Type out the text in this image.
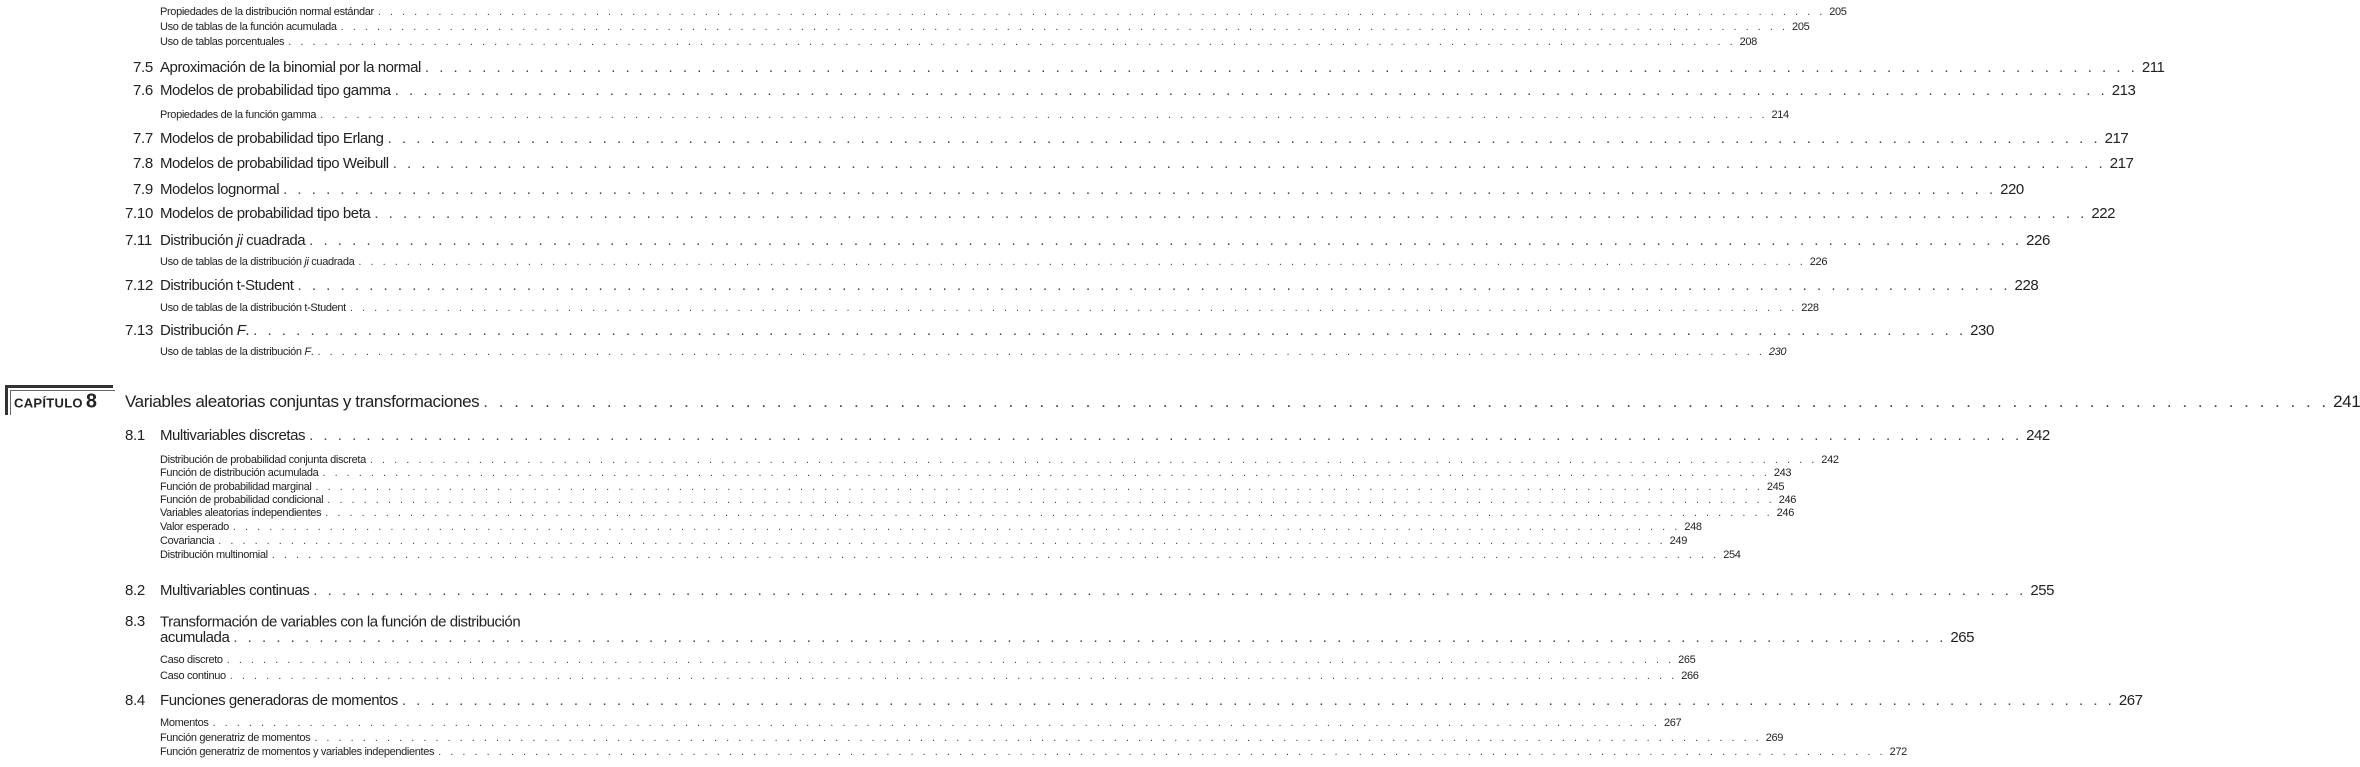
CAPÍTULO 8
Propiedades de la distribución normal estándar . . . . . . . . . . . . . . . . . . . . . . . . . . . . . . . . . . . . . . . . . . . . . . . . . . . . . . . . . . . . . . . . . . . . . . . . . . . . . . . . . . . . . . . . . . . . . . . . . . . . . . . . . . . . . . . . . . . . . . . . 205
Uso de tablas de la función acumulada . . . . . . . . . . . . . . . . . . . . . . . . . . . . . . . . . . . . . . . . . . . . . . . . . . . . . . . . . . . . . . . . . . . . . . . . . . . . . . . . . . . . . . . . . . . . . . . . . . . . . . . . . . . . . . . . . . . . . . . . 205
Uso de tablas porcentuales . . . . . . . . . . . . . . . . . . . . . . . . . . . . . . . . . . . . . . . . . . . . . . . . . . . . . . . . . . . . . . . . . . . . . . . . . . . . . . . . . . . . . . . . . . . . . . . . . . . . . . . . . . . . . . . . . . . . . . . . 208
7.5 Aproximación de la binomial por la normal . . . . . . . . . . . . . . . . . . . . . . . . . . . . . . . . . . . . . . . . . . . . . . . . . . . . . . . . . . . . . . . . . . . . . . . . . . . . . . . . . . . . . . . . . . . . . . . . . . . . . . . . . . . . . . . . . . . . . . . . 211
7.6 Modelos de probabilidad tipo gamma . . . . . . . . . . . . . . . . . . . . . . . . . . . . . . . . . . . . . . . . . . . . . . . . . . . . . . . . . . . . . . . . . . . . . . . . . . . . . . . . . . . . . . . . . . . . . . . . . . . . . . . . . . . . . . . . . . . . . . . . 213
Propiedades de la función gamma . . . . . . . . . . . . . . . . . . . . . . . . . . . . . . . . . . . . . . . . . . . . . . . . . . . . . . . . . . . . . . . . . . . . . . . . . . . . . . . . . . . . . . . . . . . . . . . . . . . . . . . . . . . . . . . . . . . . . . . . 214
7.7 Modelos de probabilidad tipo Erlang . . . . . . . . . . . . . . . . . . . . . . . . . . . . . . . . . . . . . . . . . . . . . . . . . . . . . . . . . . . . . . . . . . . . . . . . . . . . . . . . . . . . . . . . . . . . . . . . . . . . . . . . . . . . . . . . . . . . . . . . 217
7.8 Modelos de probabilidad tipo Weibull . . . . . . . . . . . . . . . . . . . . . . . . . . . . . . . . . . . . . . . . . . . . . . . . . . . . . . . . . . . . . . . . . . . . . . . . . . . . . . . . . . . . . . . . . . . . . . . . . . . . . . . . . . . . . . . . . . . . . . . . 217
7.9 Modelos lognormal . . . . . . . . . . . . . . . . . . . . . . . . . . . . . . . . . . . . . . . . . . . . . . . . . . . . . . . . . . . . . . . . . . . . . . . . . . . . . . . . . . . . . . . . . . . . . . . . . . . . . . . . . . . . . . . . . . . . . . . . 220
7.10 Modelos de probabilidad tipo beta . . . . . . . . . . . . . . . . . . . . . . . . . . . . . . . . . . . . . . . . . . . . . . . . . . . . . . . . . . . . . . . . . . . . . . . . . . . . . . . . . . . . . . . . . . . . . . . . . . . . . . . . . . . . . . . . . . . . . . . . 222
7.11 Distribución ji cuadrada . . . . . . . . . . . . . . . . . . . . . . . . . . . . . . . . . . . . . . . . . . . . . . . . . . . . . . . . . . . . . . . . . . . . . . . . . . . . . . . . . . . . . . . . . . . . . . . . . . . . . . . . . . . . . . . . . . . . . . . . 226
Uso de tablas de la distribución ji cuadrada . . . . . . . . . . . . . . . . . . . . . . . . . . . . . . . . . . . . . . . . . . . . . . . . . . . . . . . . . . . . . . . . . . . . . . . . . . . . . . . . . . . . . . . . . . . . . . . . . . . . . . . . . . . . . . . . . . . . . . . . 226
7.12 Distribución t-Student . . . . . . . . . . . . . . . . . . . . . . . . . . . . . . . . . . . . . . . . . . . . . . . . . . . . . . . . . . . . . . . . . . . . . . . . . . . . . . . . . . . . . . . . . . . . . . . . . . . . . . . . . . . . . . . . . . . . . . . . 228
Uso de tablas de la distribución t-Student . . . . . . . . . . . . . . . . . . . . . . . . . . . . . . . . . . . . . . . . . . . . . . . . . . . . . . . . . . . . . . . . . . . . . . . . . . . . . . . . . . . . . . . . . . . . . . . . . . . . . . . . . . . . . . . . . . . . . . . . 228
7.13 Distribución F . . . . . . . . . . . . . . . . . . . . . . . . . . . . . . . . . . . . . . . . . . . . . . . . . . . . . . . . . . . . . . . . . . . . . . . . . . . . . . . . . . . . . . . . . . . . . . . . . . . . . . . . . . . . . . . . . . . . . . . . . 230
Uso de tablas de la distribución F . . . . . . . . . . . . . . . . . . . . . . . . . . . . . . . . . . . . . . . . . . . . . . . . . . . . . . . . . . . . . . . . . . . . . . . . . . . . . . . . . . . . . . . . . . . . . . . . . . . . . . . . . . . . . . . . . . . . . . . . . 230
Variables aleatorias conjuntas y transformaciones . . . . . . . . . . . . . . . . . . . . . . . . . . . . . . . . . . . . . . . . . . . . . . . . . . . . . . . . . . . . . . . . . . . . . . . . . . . . . . . . . . . . . . . . . . . . . . . . . . . . . . . . . . . . . . . . . . . . . . . . 241
8.1 Multivariables discretas . . . . . . . . . . . . . . . . . . . . . . . . . . . . . . . . . . . . . . . . . . . . . . . . . . . . . . . . . . . . . . . . . . . . . . . . . . . . . . . . . . . . . . . . . . . . . . . . . . . . . . . . . . . . . . . . . . . . . . . . 242
Distribución de probabilidad conjunta discreta . . . . . . . . . . . . . . . . . . . . . . . . . . . . . . . . . . . . . . . . . . . . . . . . . . . . . . . . . . . . . . . . . . . . . . . . . . . . . . . . . . . . . . . . . . . . . . . . . . . . . . . . . . . . . . . . . . . . . . . . 242
Función de distribución acumulada . . . . . . . . . . . . . . . . . . . . . . . . . . . . . . . . . . . . . . . . . . . . . . . . . . . . . . . . . . . . . . . . . . . . . . . . . . . . . . . . . . . . . . . . . . . . . . . . . . . . . . . . . . . . . . . . . . . . . . . . 243
Función de probabilidad marginal . . . . . . . . . . . . . . . . . . . . . . . . . . . . . . . . . . . . . . . . . . . . . . . . . . . . . . . . . . . . . . . . . . . . . . . . . . . . . . . . . . . . . . . . . . . . . . . . . . . . . . . . . . . . . . . . . . . . . . . . 245
Función de probabilidad condicional . . . . . . . . . . . . . . . . . . . . . . . . . . . . . . . . . . . . . . . . . . . . . . . . . . . . . . . . . . . . . . . . . . . . . . . . . . . . . . . . . . . . . . . . . . . . . . . . . . . . . . . . . . . . . . . . . . . . . . . . 246
Variables aleatorias independientes . . . . . . . . . . . . . . . . . . . . . . . . . . . . . . . . . . . . . . . . . . . . . . . . . . . . . . . . . . . . . . . . . . . . . . . . . . . . . . . . . . . . . . . . . . . . . . . . . . . . . . . . . . . . . . . . . . . . . . . . 246
Valor esperado . . . . . . . . . . . . . . . . . . . . . . . . . . . . . . . . . . . . . . . . . . . . . . . . . . . . . . . . . . . . . . . . . . . . . . . . . . . . . . . . . . . . . . . . . . . . . . . . . . . . . . . . . . . . . . . . . . . . . . . . 248
Covariancia . . . . . . . . . . . . . . . . . . . . . . . . . . . . . . . . . . . . . . . . . . . . . . . . . . . . . . . . . . . . . . . . . . . . . . . . . . . . . . . . . . . . . . . . . . . . . . . . . . . . . . . . . . . . . . . . . . . . . . . . 249
Distribución multinomial . . . . . . . . . . . . . . . . . . . . . . . . . . . . . . . . . . . . . . . . . . . . . . . . . . . . . . . . . . . . . . . . . . . . . . . . . . . . . . . . . . . . . . . . . . . . . . . . . . . . . . . . . . . . . . . . . . . . . . . . 254
8.2 Multivariables continuas . . . . . . . . . . . . . . . . . . . . . . . . . . . . . . . . . . . . . . . . . . . . . . . . . . . . . . . . . . . . . . . . . . . . . . . . . . . . . . . . . . . . . . . . . . . . . . . . . . . . . . . . . . . . . . . . . . . . . . . . 255
Transformación de variables con la función de distribución
8.3
acumulada . . . . . . . . . . . . . . . . . . . . . . . . . . . . . . . . . . . . . . . . . . . . . . . . . . . . . . . . . . . . . . . . . . . . . . . . . . . . . . . . . . . . . . . . . . . . . . . . . . . . . . . . . . . . . . . . . . . . . . . . 265
Caso discreto . . . . . . . . . . . . . . . . . . . . . . . . . . . . . . . . . . . . . . . . . . . . . . . . . . . . . . . . . . . . . . . . . . . . . . . . . . . . . . . . . . . . . . . . . . . . . . . . . . . . . . . . . . . . . . . . . . . . . . . . 265
Caso continuo . . . . . . . . . . . . . . . . . . . . . . . . . . . . . . . . . . . . . . . . . . . . . . . . . . . . . . . . . . . . . . . . . . . . . . . . . . . . . . . . . . . . . . . . . . . . . . . . . . . . . . . . . . . . . . . . . . . . . . . . 266
8.4 Funciones generadoras de momentos . . . . . . . . . . . . . . . . . . . . . . . . . . . . . . . . . . . . . . . . . . . . . . . . . . . . . . . . . . . . . . . . . . . . . . . . . . . . . . . . . . . . . . . . . . . . . . . . . . . . . . . . . . . . . . . . . . . . . . . . 267
Momentos . . . . . . . . . . . . . . . . . . . . . . . . . . . . . . . . . . . . . . . . . . . . . . . . . . . . . . . . . . . . . . . . . . . . . . . . . . . . . . . . . . . . . . . . . . . . . . . . . . . . . . . . . . . . . . . . . . . . . . . . 267
Función generatriz de momentos . . . . . . . . . . . . . . . . . . . . . . . . . . . . . . . . . . . . . . . . . . . . . . . . . . . . . . . . . . . . . . . . . . . . . . . . . . . . . . . . . . . . . . . . . . . . . . . . . . . . . . . . . . . . . . . . . . . . . . . . 269
Función generatriz de momentos y variables independientes . . . . . . . . . . . . . . . . . . . . . . . . . . . . . . . . . . . . . . . . . . . . . . . . . . . . . . . . . . . . . . . . . . . . . . . . . . . . . . . . . . . . . . . . . . . . . . . . . . . . . . . . . . . . . . . . . . . . . . . . 272
